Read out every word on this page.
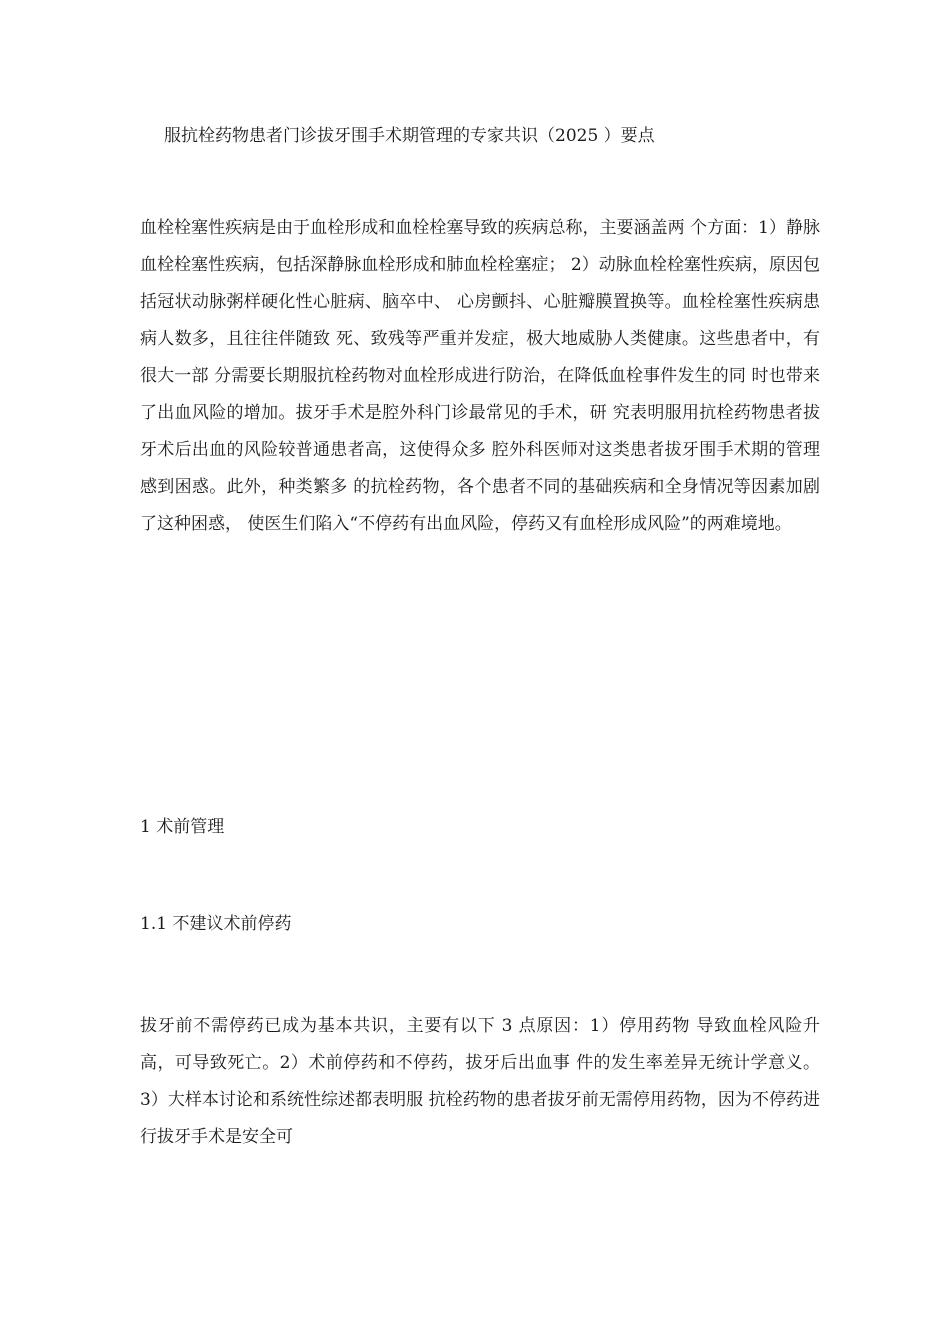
服抗栓药物患者门诊拔牙围手术期管理的专家共识（2025 ）要点

血栓栓塞性疾病是由于血栓形成和血栓栓塞导致的疾病总称，主要涵盖两 个方面：1）静脉血栓栓塞性疾病，包括深静脉血栓形成和肺血栓栓塞症； 2）动脉血栓栓塞性疾病，原因包括冠状动脉粥样硬化性心脏病、脑卒中、 心房颤抖、心脏瓣膜置换等。血栓栓塞性疾病患病人数多，且往往伴随致 死、致残等严重并发症，极大地威胁人类健康。这些患者中，有很大一部 分需要长期服抗栓药物对血栓形成进行防治，在降低血栓事件发生的同 时也带来了出血风险的增加。拔牙手术是腔外科门诊最常见的手术，研 究表明服用抗栓药物患者拔牙术后出血的风险较普通患者高，这使得众多 腔外科医师对这类患者拔牙围手术期的管理感到困惑。此外，种类繁多 的抗栓药物，各个患者不同的基础疾病和全身情况等因素加剧了这种困惑， 使医生们陷入“不停药有出血风险，停药又有血栓形成风险”的两难境地。

1 术前管理
1.1 不建议术前停药

拔牙前不需停药已成为基本共识，主要有以下 3 点原因：1）停用药物 导致血栓风险升高，可导致死亡。2）术前停药和不停药，拔牙后出血事 件的发生率差异无统计学意义。3）大样本讨论和系统性综述都表明服 抗栓药物的患者拔牙前无需停用药物，因为不停药进行拔牙手术是安全可
